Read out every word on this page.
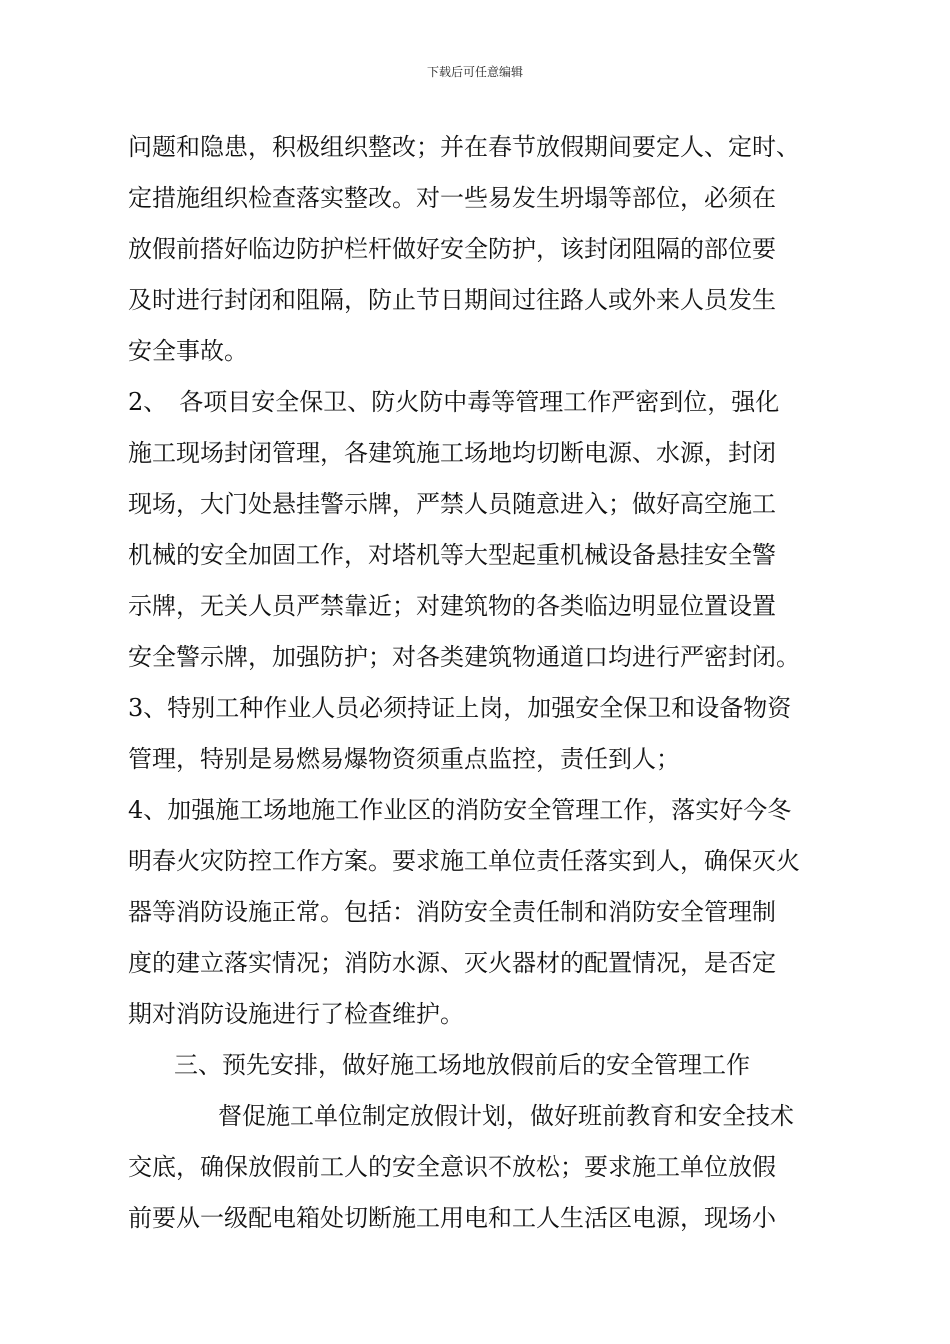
下载后可任意编辑
问题和隐患，积极组织整改；并在春节放假期间要定人、定时、
定措施组织检查落实整改。对一些易发生坍塌等部位，必须在
放假前搭好临边防护栏杆做好安全防护，该封闭阻隔的部位要
及时进行封闭和阻隔，防止节日期间过往路人或外来人员发生
安全事故。
2、　各项目安全保卫、防火防中毒等管理工作严密到位，强化
施工现场封闭管理，各建筑施工场地均切断电源、水源，封闭
现场，大门处悬挂警示牌，严禁人员随意进入；做好高空施工
机械的安全加固工作，对塔机等大型起重机械设备悬挂安全警
示牌，无关人员严禁靠近；对建筑物的各类临边明显位置设置
安全警示牌，加强防护；对各类建筑物通道口均进行严密封闭。
3、特别工种作业人员必须持证上岗，加强安全保卫和设备物资
管理，特别是易燃易爆物资须重点监控，责任到人；
4、加强施工场地施工作业区的消防安全管理工作，落实好今冬
明春火灾防控工作方案。要求施工单位责任落实到人，确保灭火
器等消防设施正常。包括：消防安全责任制和消防安全管理制
度的建立落实情况；消防水源、灭火器材的配置情况，是否定
期对消防设施进行了检查维护。
三、预先安排，做好施工场地放假前后的安全管理工作
督促施工单位制定放假计划，做好班前教育和安全技术
交底，确保放假前工人的安全意识不放松；要求施工单位放假
前要从一级配电箱处切断施工用电和工人生活区电源，现场小
